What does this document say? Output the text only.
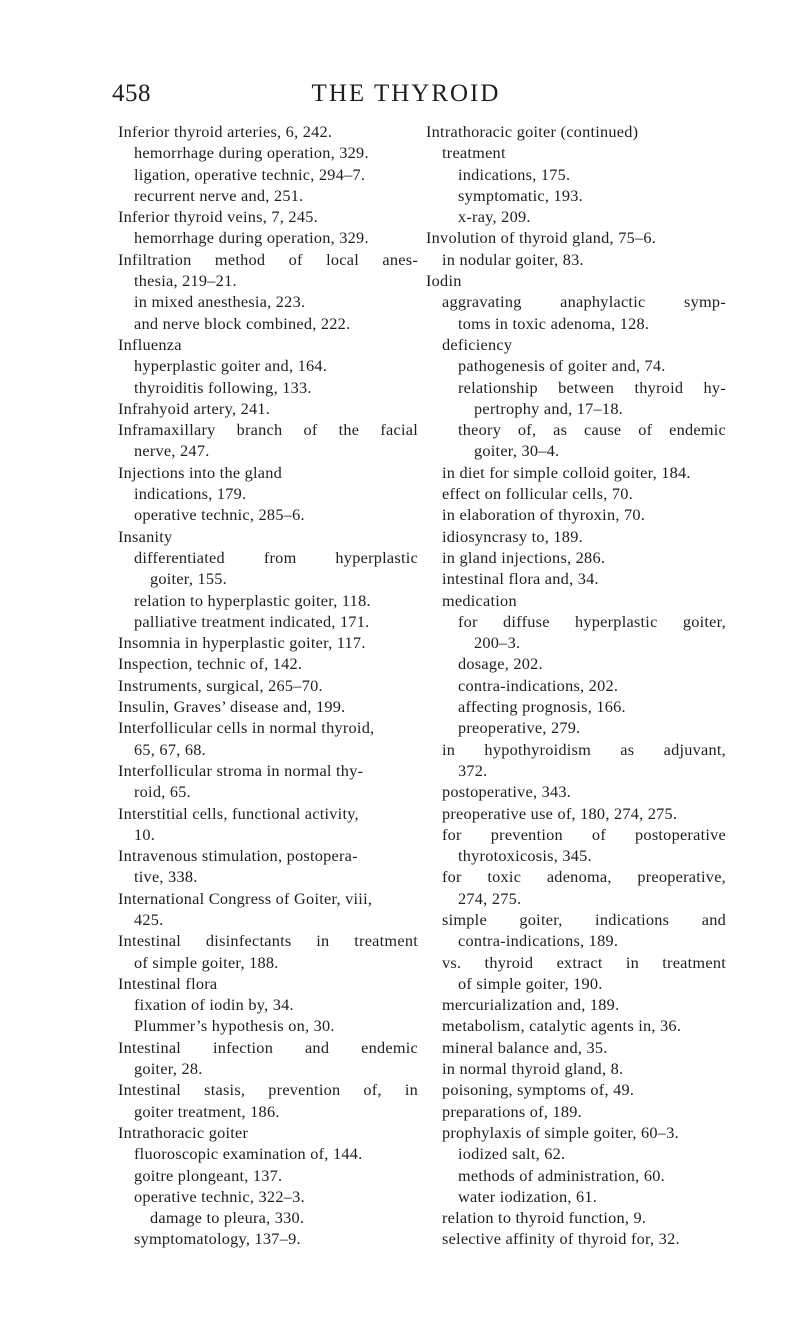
458	THE THYROID
Inferior thyroid arteries, 6, 242.
hemorrhage during operation, 329.
ligation, operative technic, 294–7.
recurrent nerve and, 251.
Inferior thyroid veins, 7, 245.
hemorrhage during operation, 329.
Infiltration method of local anes-
thesia, 219–21.
in mixed anesthesia, 223.
and nerve block combined, 222.
Influenza
hyperplastic goiter and, 164.
thyroiditis following, 133.
Infrahyoid artery, 241.
Inframaxillary branch of the facial
nerve, 247.
Injections into the gland
indications, 179.
operative technic, 285–6.
Insanity
differentiated from hyperplastic
goiter, 155.
relation to hyperplastic goiter, 118.
palliative treatment indicated, 171.
Insomnia in hyperplastic goiter, 117.
Inspection, technic of, 142.
Instruments, surgical, 265–70.
Insulin, Graves’ disease and, 199.
Interfollicular cells in normal thyroid,
65, 67, 68.
Interfollicular stroma in normal thy-
roid, 65.
Interstitial cells, functional activity,
10.
Intravenous stimulation, postopera-
tive, 338.
International Congress of Goiter, viii,
425.
Intestinal disinfectants in treatment
of simple goiter, 188.
Intestinal flora
fixation of iodin by, 34.
Plummer’s hypothesis on, 30.
Intestinal infection and endemic
goiter, 28.
Intestinal stasis, prevention of, in
goiter treatment, 186.
Intrathoracic goiter
fluoroscopic examination of, 144.
goitre plongeant, 137.
operative technic, 322–3.
damage to pleura, 330.
symptomatology, 137–9.
Intrathoracic goiter (continued)
treatment
indications, 175.
symptomatic, 193.
x-ray, 209.
Involution of thyroid gland, 75–6.
in nodular goiter, 83.
Iodin
aggravating anaphylactic symp-
toms in toxic adenoma, 128.
deficiency
pathogenesis of goiter and, 74.
relationship between thyroid hy-
pertrophy and, 17–18.
theory of, as cause of endemic
goiter, 30–4.
in diet for simple colloid goiter, 184.
effect on follicular cells, 70.
in elaboration of thyroxin, 70.
idiosyncrasy to, 189.
in gland injections, 286.
intestinal flora and, 34.
medication
for diffuse hyperplastic goiter,
200–3.
dosage, 202.
contra-indications, 202.
affecting prognosis, 166.
preoperative, 279.
in hypothyroidism as adjuvant,
372.
postoperative, 343.
preoperative use of, 180, 274, 275.
for prevention of postoperative
thyrotoxicosis, 345.
for toxic adenoma, preoperative,
274, 275.
simple goiter, indications and
contra-indications, 189.
vs. thyroid extract in treatment
of simple goiter, 190.
mercurialization and, 189.
metabolism, catalytic agents in, 36.
mineral balance and, 35.
in normal thyroid gland, 8.
poisoning, symptoms of, 49.
preparations of, 189.
prophylaxis of simple goiter, 60–3.
iodized salt, 62.
methods of administration, 60.
water iodization, 61.
relation to thyroid function, 9.
selective affinity of thyroid for, 32.
